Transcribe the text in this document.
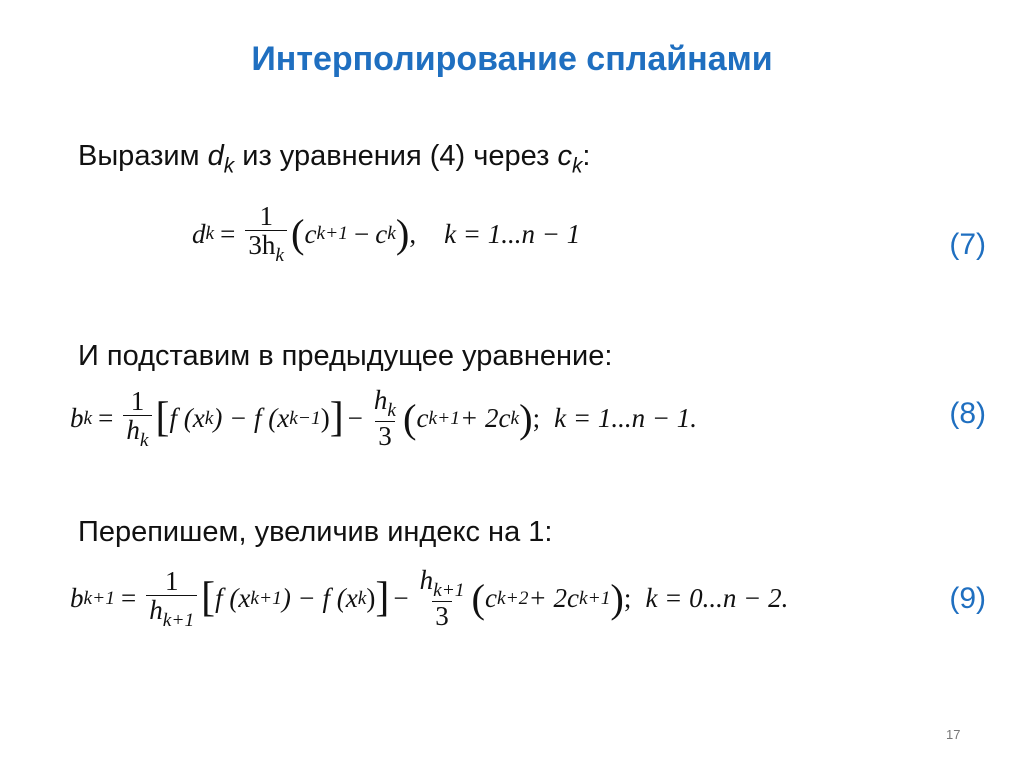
Интерполирование сплайнами
Выразим $d_k$ из уравнения (4) через $c_k$:
d $k = \frac{1}{3h_k}$ ( c k+1 − c k ) , k = 1...n − 1	(7)
И подставим в предыдущее уравнение:
b $k = \frac{1}{h_k}$ [ f (x k ) − f (x k−1 ) ] − $\frac{h_k}{3}$ ( c k+1 + 2c k ) ; k = 1...n − 1.	(8)
Перепишем, увеличив индекс на 1:
b $k+1 = \frac{1}{h_{k+1}}$ [ f (x k+1 ) − f (x k ) ] − $\frac{h_{k+1}}{3}$ ( c k+2 + 2c k+1 ) ; k = 0...n − 2.	(9)
17
